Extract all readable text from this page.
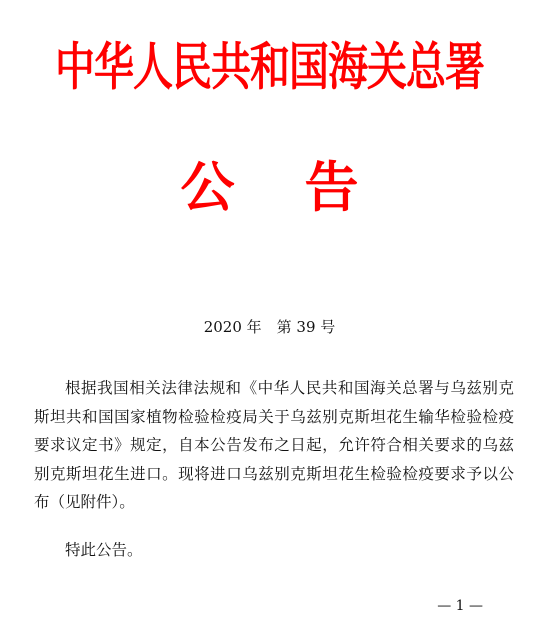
中华人民共和国海关总署
公 告
2020 年　第 39 号

根据我国相关法律法规和《中华人民共和国海关总署与乌兹别克斯坦共和国国家植物检验检疫局关于乌兹别克斯坦花生输华检验检疫要求议定书》规定，自本公告发布之日起，允许符合相关要求的乌兹别克斯坦花生进口。现将进口乌兹别克斯坦花生检验检疫要求予以公布（见附件）。

特此公告。

— 1 —
